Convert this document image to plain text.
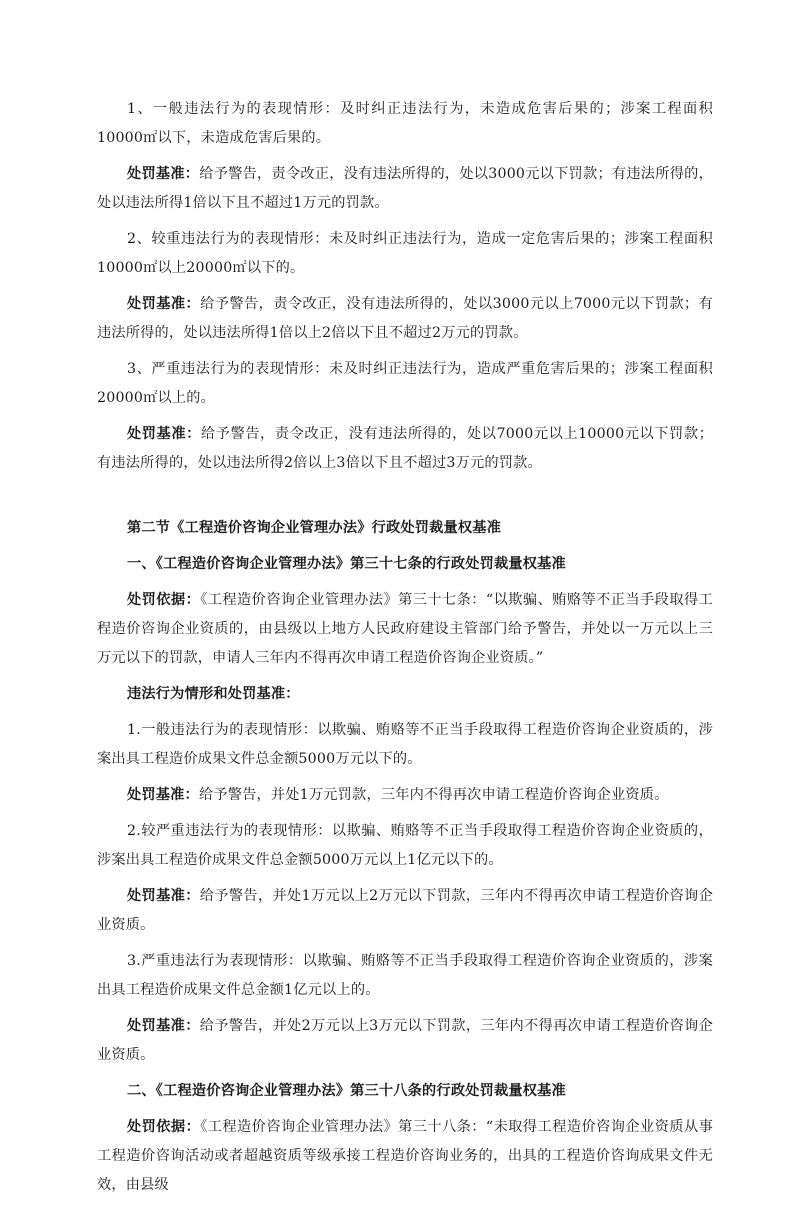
1、一般违法行为的表现情形：及时纠正违法行为，未造成危害后果的；涉案工程面积10000㎡以下，未造成危害后果的。

处罚基准：给予警告，责令改正，没有违法所得的，处以3000元以下罚款；有违法所得的，处以违法所得1倍以下且不超过1万元的罚款。

2、较重违法行为的表现情形：未及时纠正违法行为，造成一定危害后果的；涉案工程面积10000㎡以上20000㎡以下的。

处罚基准：给予警告，责令改正，没有违法所得的，处以3000元以上7000元以下罚款；有违法所得的，处以违法所得1倍以上2倍以下且不超过2万元的罚款。

3、严重违法行为的表现情形：未及时纠正违法行为，造成严重危害后果的；涉案工程面积20000㎡以上的。

处罚基准：给予警告，责令改正，没有违法所得的，处以7000元以上10000元以下罚款；有违法所得的，处以违法所得2倍以上3倍以下且不超过3万元的罚款。

第二节《工程造价咨询企业管理办法》行政处罚裁量权基准

一、《工程造价咨询企业管理办法》第三十七条的行政处罚裁量权基准

处罚依据：《工程造价咨询企业管理办法》第三十七条：“以欺骗、贿赂等不正当手段取得工程造价咨询企业资质的，由县级以上地方人民政府建设主管部门给予警告，并处以一万元以上三万元以下的罚款，申请人三年内不得再次申请工程造价咨询企业资质。”

违法行为情形和处罚基准：

1.一般违法行为的表现情形：以欺骗、贿赂等不正当手段取得工程造价咨询企业资质的，涉案出具工程造价成果文件总金额5000万元以下的。

处罚基准：给予警告，并处1万元罚款，三年内不得再次申请工程造价咨询企业资质。

2.较严重违法行为的表现情形：以欺骗、贿赂等不正当手段取得工程造价咨询企业资质的，涉案出具工程造价成果文件总金额5000万元以上1亿元以下的。

处罚基准：给予警告，并处1万元以上2万元以下罚款，三年内不得再次申请工程造价咨询企业资质。

3.严重违法行为表现情形：以欺骗、贿赂等不正当手段取得工程造价咨询企业资质的，涉案出具工程造价成果文件总金额1亿元以上的。

处罚基准：给予警告，并处2万元以上3万元以下罚款，三年内不得再次申请工程造价咨询企业资质。

二、《工程造价咨询企业管理办法》第三十八条的行政处罚裁量权基准

处罚依据：《工程造价咨询企业管理办法》第三十八条：“未取得工程造价咨询企业资质从事工程造价咨询活动或者超越资质等级承接工程造价咨询业务的，出具的工程造价咨询成果文件无效，由县级
